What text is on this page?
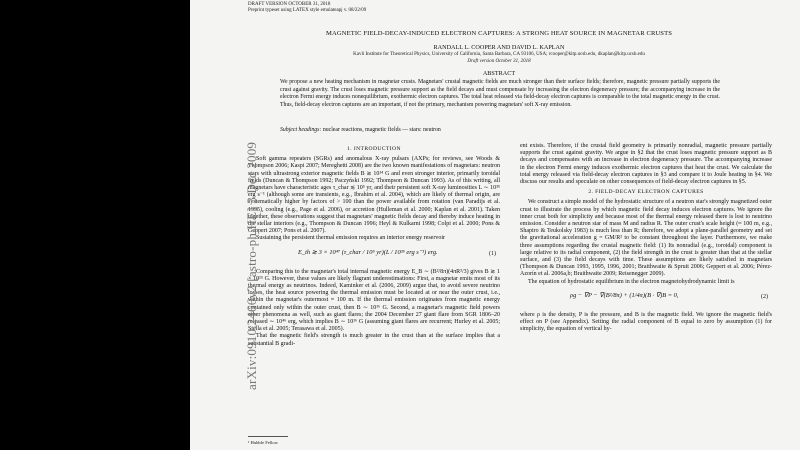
DRAFT VERSION OCTOBER 31, 2018
Preprint typeset using LATEX style emulateapj v. 08/22/09
MAGNETIC FIELD-DECAY-INDUCED ELECTRON CAPTURES: A STRONG HEAT SOURCE IN MAGNETAR CRUSTS
RANDALL L. COOPER AND DAVID L. KAPLAN
Kavli Institute for Theoretical Physics, University of California, Santa Barbara, CA 93106, USA; rcooper@kitp.ucsb.edu, dkaplan@kitp.ucsb.edu
Draft version October 31, 2018
ABSTRACT
We propose a new heating mechanism in magnetar crusts. Magnetars' crustal magnetic fields are much stronger than their surface fields; therefore, magnetic pressure partially supports the crust against gravity. The crust loses magnetic pressure support as the field decays and must compensate by increasing the electron degeneracy pressure; the accompanying increase in the electron Fermi energy induces nonequilibrium, exothermic electron captures. The total heat released via field-decay electron captures is comparable to the total magnetic energy in the crust. Thus, field-decay electron captures are an important, if not the primary, mechanism powering magnetars' soft X-ray emission.
Subject headings: nuclear reactions, magnetic fields — stars: neutron
1. INTRODUCTION

Soft gamma repeaters (SGRs) and anomalous X-ray pulsars (AXPs; for reviews, see Woods & Thompson 2006; Kaspi 2007; Mereghetti 2008) are the two known manifestations of magnetars: neutron stars with ultrastrong exterior magnetic fields B ≳ 10¹⁴ G and even stronger interior, primarily toroidal fields (Duncan & Thompson 1992; Paczyński 1992; Thompson & Duncan 1993). As of this writing, all magnetars have characteristic ages τ_char ≲ 10⁵ yr, and their persistent soft X-ray luminosities L ∼ 10³⁵ erg s⁻¹ (although some are transients, e.g., Ibrahim et al. 2004), which are likely of thermal origin, are systematically higher by factors of > 100 than the power available from rotation (van Paradijs et al. 1995), cooling (e.g., Page et al. 2006), or accretion (Hulleman et al. 2000; Kaplan et al. 2001). Taken together, these observations suggest that magnetars' magnetic fields decay and thereby induce heating in the stellar interiors (e.g., Thompson & Duncan 1996; Heyl & Kulkarni 1998; Colpi et al. 2000; Pons & Geppert 2007; Pons et al. 2007).

Sustaining the persistent thermal emission requires an interior energy reservoir

E_th ≳ 3 × 10⁴⁷ (τ_char / 10⁵ yr)(L / 10³⁵ erg s⁻¹) erg.	(1)

Comparing this to the magnetar's total internal magnetic energy E_B ∼ (B²/8π)(4πR³/3) gives B ≳ 1 × 10¹⁵ G. However, these values are likely flagrant underestimations: First, a magnetar emits most of its thermal energy as neutrinos. Indeed, Kaminker et al. (2006, 2009) argue that, to avoid severe neutrino losses, the heat source powering the thermal emission must be located at or near the outer crust, i.e., within the magnetar's outermost ≈ 100 m. If the thermal emission originates from magnetic energy contained only within the outer crust, then B ∼ 10¹⁶ G. Second, a magnetar's magnetic field powers other phenomena as well, such as giant flares; the 2004 December 27 giant flare from SGR 1806–20 released ∼ 10⁴⁶ erg, which implies B ∼ 10¹⁶ G (assuming giant flares are recurrent; Hurley et al. 2005; Stella et al. 2005; Terasawa et al. 2005).

That the magnetic field's strength is much greater in the crust than at the surface implies that a substantial B gradi-

¹ Hubble Fellow

ent exists. Therefore, if the crustal field geometry is primarily nonradial, magnetic pressure partially supports the crust against gravity. We argue in §2 that the crust loses magnetic pressure support as B decays and compensates with an increase in electron degeneracy pressure. The accompanying increase in the electron Fermi energy induces exothermic electron captures that heat the crust. We calculate the total energy released via field-decay electron captures in §3 and compare it to Joule heating in §4. We discuss our results and speculate on other consequences of field-decay electron captures in §5.

2. FIELD-DECAY ELECTRON CAPTURES

We construct a simple model of the hydrostatic structure of a neutron star's strongly magnetized outer crust to illustrate the process by which magnetic field decay induces electron captures. We ignore the inner crust both for simplicity and because most of the thermal energy released there is lost to neutrino emission. Consider a neutron star of mass M and radius R. The outer crust's scale height (≈ 100 m, e.g., Shapiro & Teukolsky 1983) is much less than R; therefore, we adopt a plane-parallel geometry and set the gravitational acceleration g = GM/R² to be constant throughout the layer. Furthermore, we make three assumptions regarding the crustal magnetic field: (1) Its nonradial (e.g., toroidal) component is large relative to its radial component, (2) the field strength in the crust is greater than that at the stellar surface, and (3) the field decays with time. These assumptions are likely satisfied in magnetars (Thompson & Duncan 1993, 1995, 1996, 2001; Braithwaite & Spruit 2006; Geppert et al. 2006; Pérez-Azorín et al. 2006a,b; Braithwaite 2009; Reisenegger 2009).

The equation of hydrostatic equilibrium in the electron magnetohydrodynamic limit is

ρg − ∇P − ∇(B²/8π) + (1/4π)(B · ∇)B = 0,	(2)

where ρ is the density, P is the pressure, and B is the magnetic field. We ignore the magnetic field's effect on P (see Appendix). Setting the radial component of B equal to zero by assumption (1) for simplicity, the equation of vertical hy-

arXiv:0910.2466v2 [astro-ph.HE] 3 Dec 2009
